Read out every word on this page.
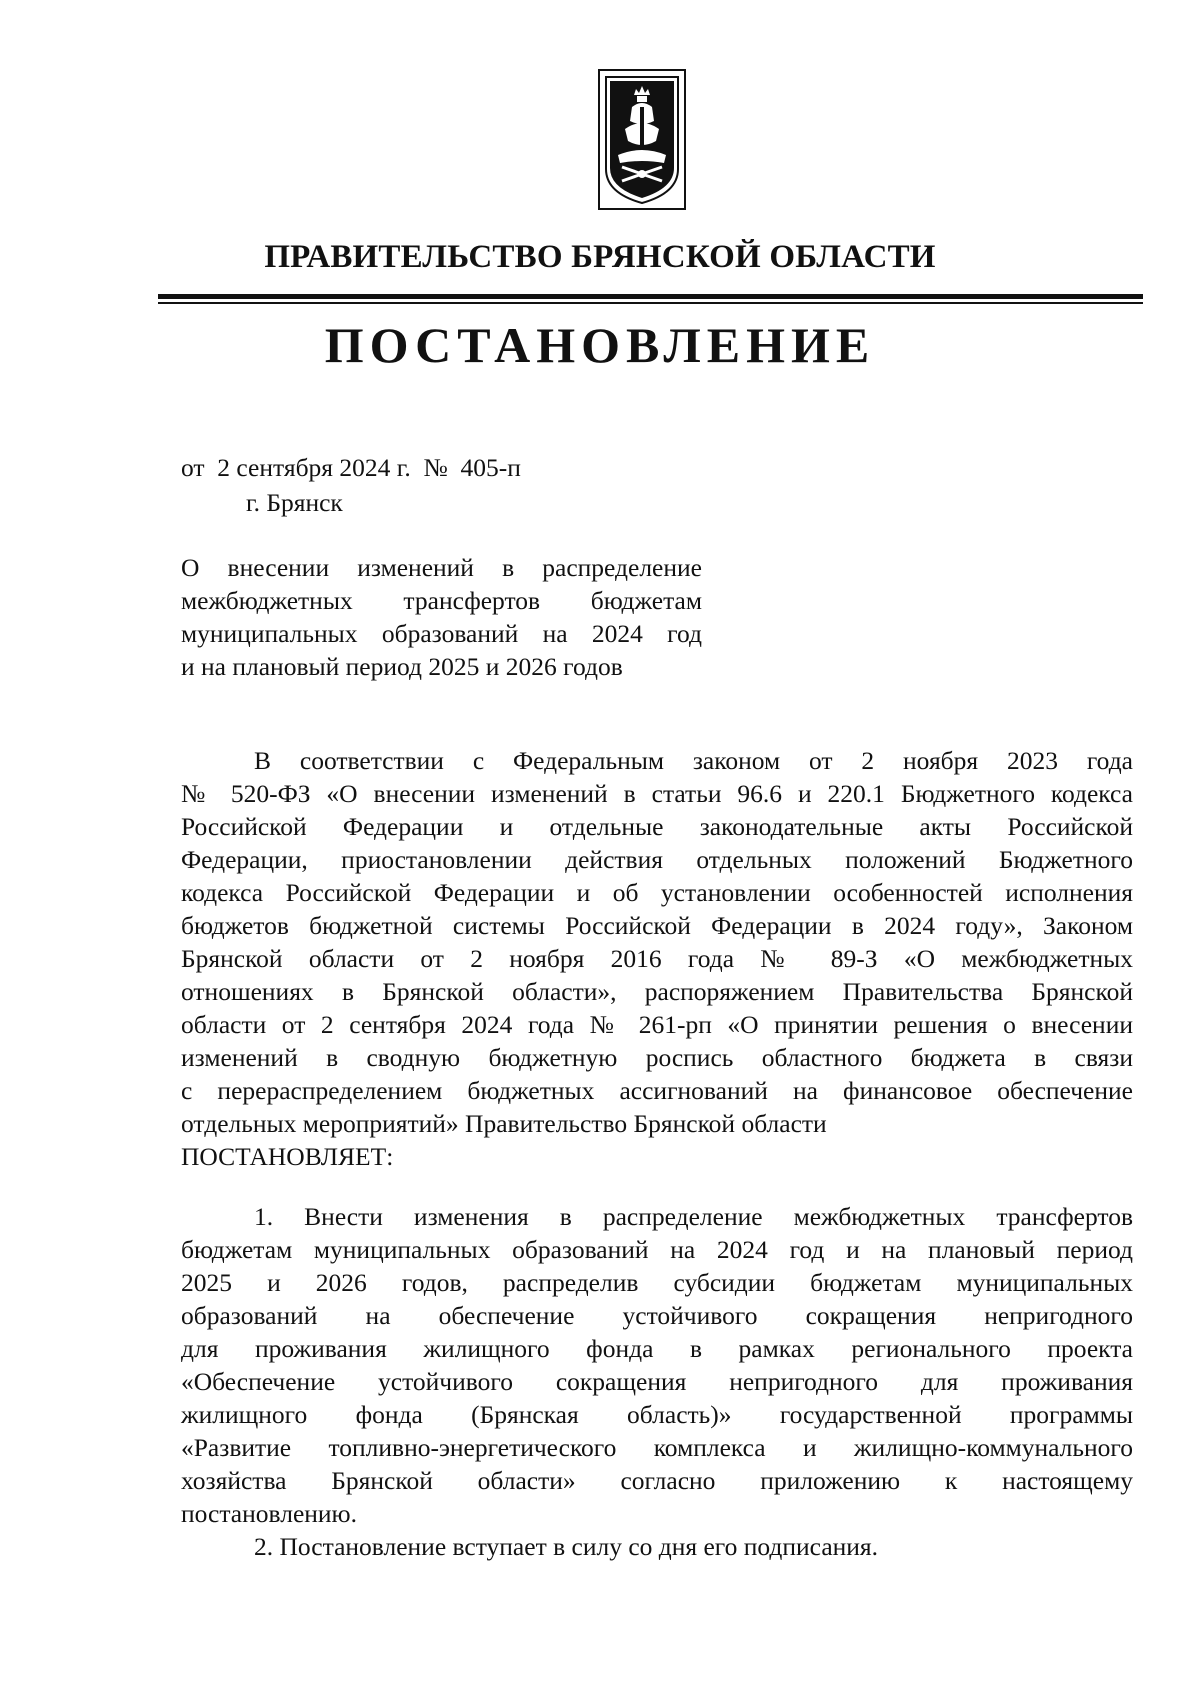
ПРАВИТЕЛЬСТВО БРЯНСКОЙ ОБЛАСТИ
ПОСТАНОВЛЕНИЕ
от  2 сентября 2024 г.  №  405-п
г. Брянск
О внесении изменений в распределение
межбюджетных трансфертов бюджетам
муниципальных образований на 2024 год
и на плановый период 2025 и 2026 годов
В соответствии с Федеральным законом от 2 ноября 2023 года
№ 520-ФЗ «О внесении изменений в статьи 96.6 и 220.1 Бюджетного кодекса
Российской Федерации и отдельные законодательные акты Российской
Федерации, приостановлении действия отдельных положений Бюджетного
кодекса Российской Федерации и об установлении особенностей исполнения
бюджетов бюджетной системы Российской Федерации в 2024 году», Законом
Брянской области от 2 ноября 2016 года № 89-З «О межбюджетных
отношениях в Брянской области», распоряжением Правительства Брянской
области от 2 сентября 2024 года № 261-рп «О принятии решения о внесении
изменений в сводную бюджетную роспись областного бюджета в связи
с перераспределением бюджетных ассигнований на финансовое обеспечение
отдельных мероприятий» Правительство Брянской области
ПОСТАНОВЛЯЕТ:
1. Внести изменения в распределение межбюджетных трансфертов
бюджетам муниципальных образований на 2024 год и на плановый период
2025 и 2026 годов, распределив субсидии бюджетам муниципальных
образований на обеспечение устойчивого сокращения непригодного
для проживания жилищного фонда в рамках регионального проекта
«Обеспечение устойчивого сокращения непригодного для проживания
жилищного фонда (Брянская область)» государственной программы
«Развитие топливно-энергетического комплекса и жилищно-коммунального
хозяйства Брянской области» согласно приложению к настоящему
постановлению.
2. Постановление вступает в силу со дня его подписания.
